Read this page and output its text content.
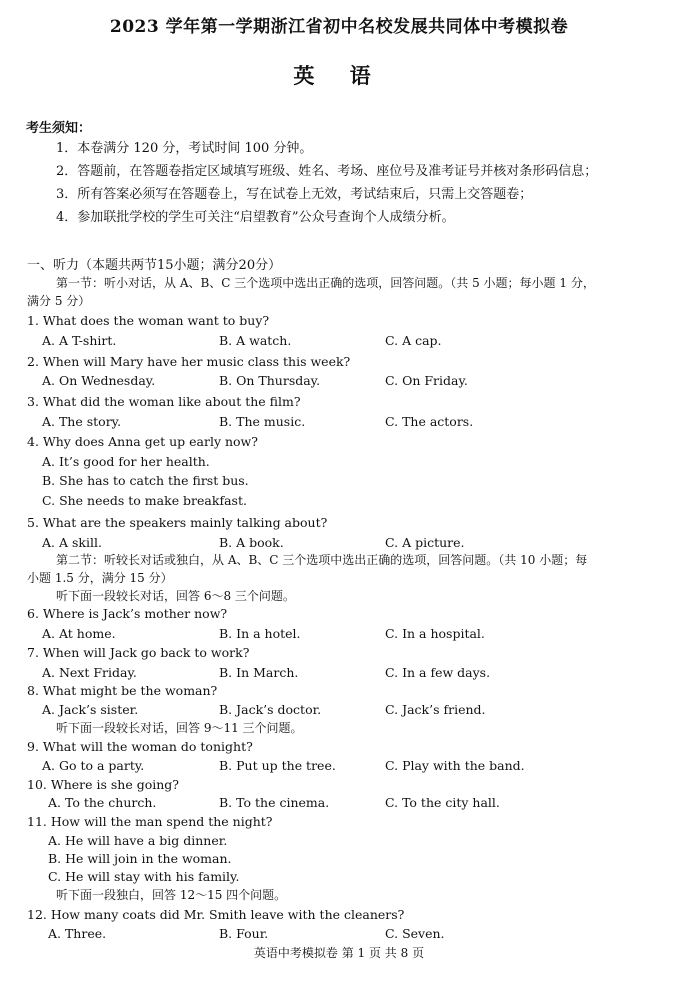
2023 学年第一学期浙江省初中名校发展共同体中考模拟卷
英 语
考生须知：
1．本卷满分 120 分，考试时间 100 分钟。
2．答题前，在答题卷指定区域填写班级、姓名、考场、座位号及准考证号并核对条形码信息；
3．所有答案必须写在答题卷上，写在试卷上无效，考试结束后，只需上交答题卷；
4．参加联批学校的学生可关注“启望教育”公众号查询个人成绩分析。
一、听力（本题共两节15小题；满分20分）
第一节：听小对话，从 A、B、C 三个选项中选出正确的选项，回答问题。（共 5 小题；每小题 1 分，
满分 5 分）
1. What does the woman want to buy?
A. A T-shirt.	B. A watch.	C. A cap.
2. When will Mary have her music class this week?
A. On Wednesday.	B. On Thursday.	C. On Friday.
3. What did the woman like about the film?
A. The story.	B. The music.	C. The actors.
4. Why does Anna get up early now?
A. It’s good for her health.
B. She has to catch the first bus.
C. She needs to make breakfast.
5. What are the speakers mainly talking about?
A. A skill.	B. A book.	C. A picture.
第二节：听较长对话或独白，从 A、B、C 三个选项中选出正确的选项，回答问题。（共 10 小题；每
小题 1.5 分，满分 15 分）
听下面一段较长对话，回答 6～8 三个问题。
6. Where is Jack’s mother now?
A. At home.	B. In a hotel.	C. In a hospital.
7. When will Jack go back to work?
A. Next Friday.	B. In March.	C. In a few days.
8. What might be the woman?
A. Jack’s sister.	B. Jack’s doctor.	C. Jack’s friend.
听下面一段较长对话，回答 9～11 三个问题。
9. What will the woman do tonight?
A. Go to a party.	B. Put up the tree.	C. Play with the band.
10. Where is she going?
A. To the church.	B. To the cinema.	C. To the city hall.
11. How will the man spend the night?
A. He will have a big dinner.
B. He will join in the woman.
C. He will stay with his family.
听下面一段独白，回答 12～15 四个问题。
12. How many coats did Mr. Smith leave with the cleaners?
A. Three.	B. Four.	C. Seven.
英语中考模拟卷 第 1 页 共 8 页
